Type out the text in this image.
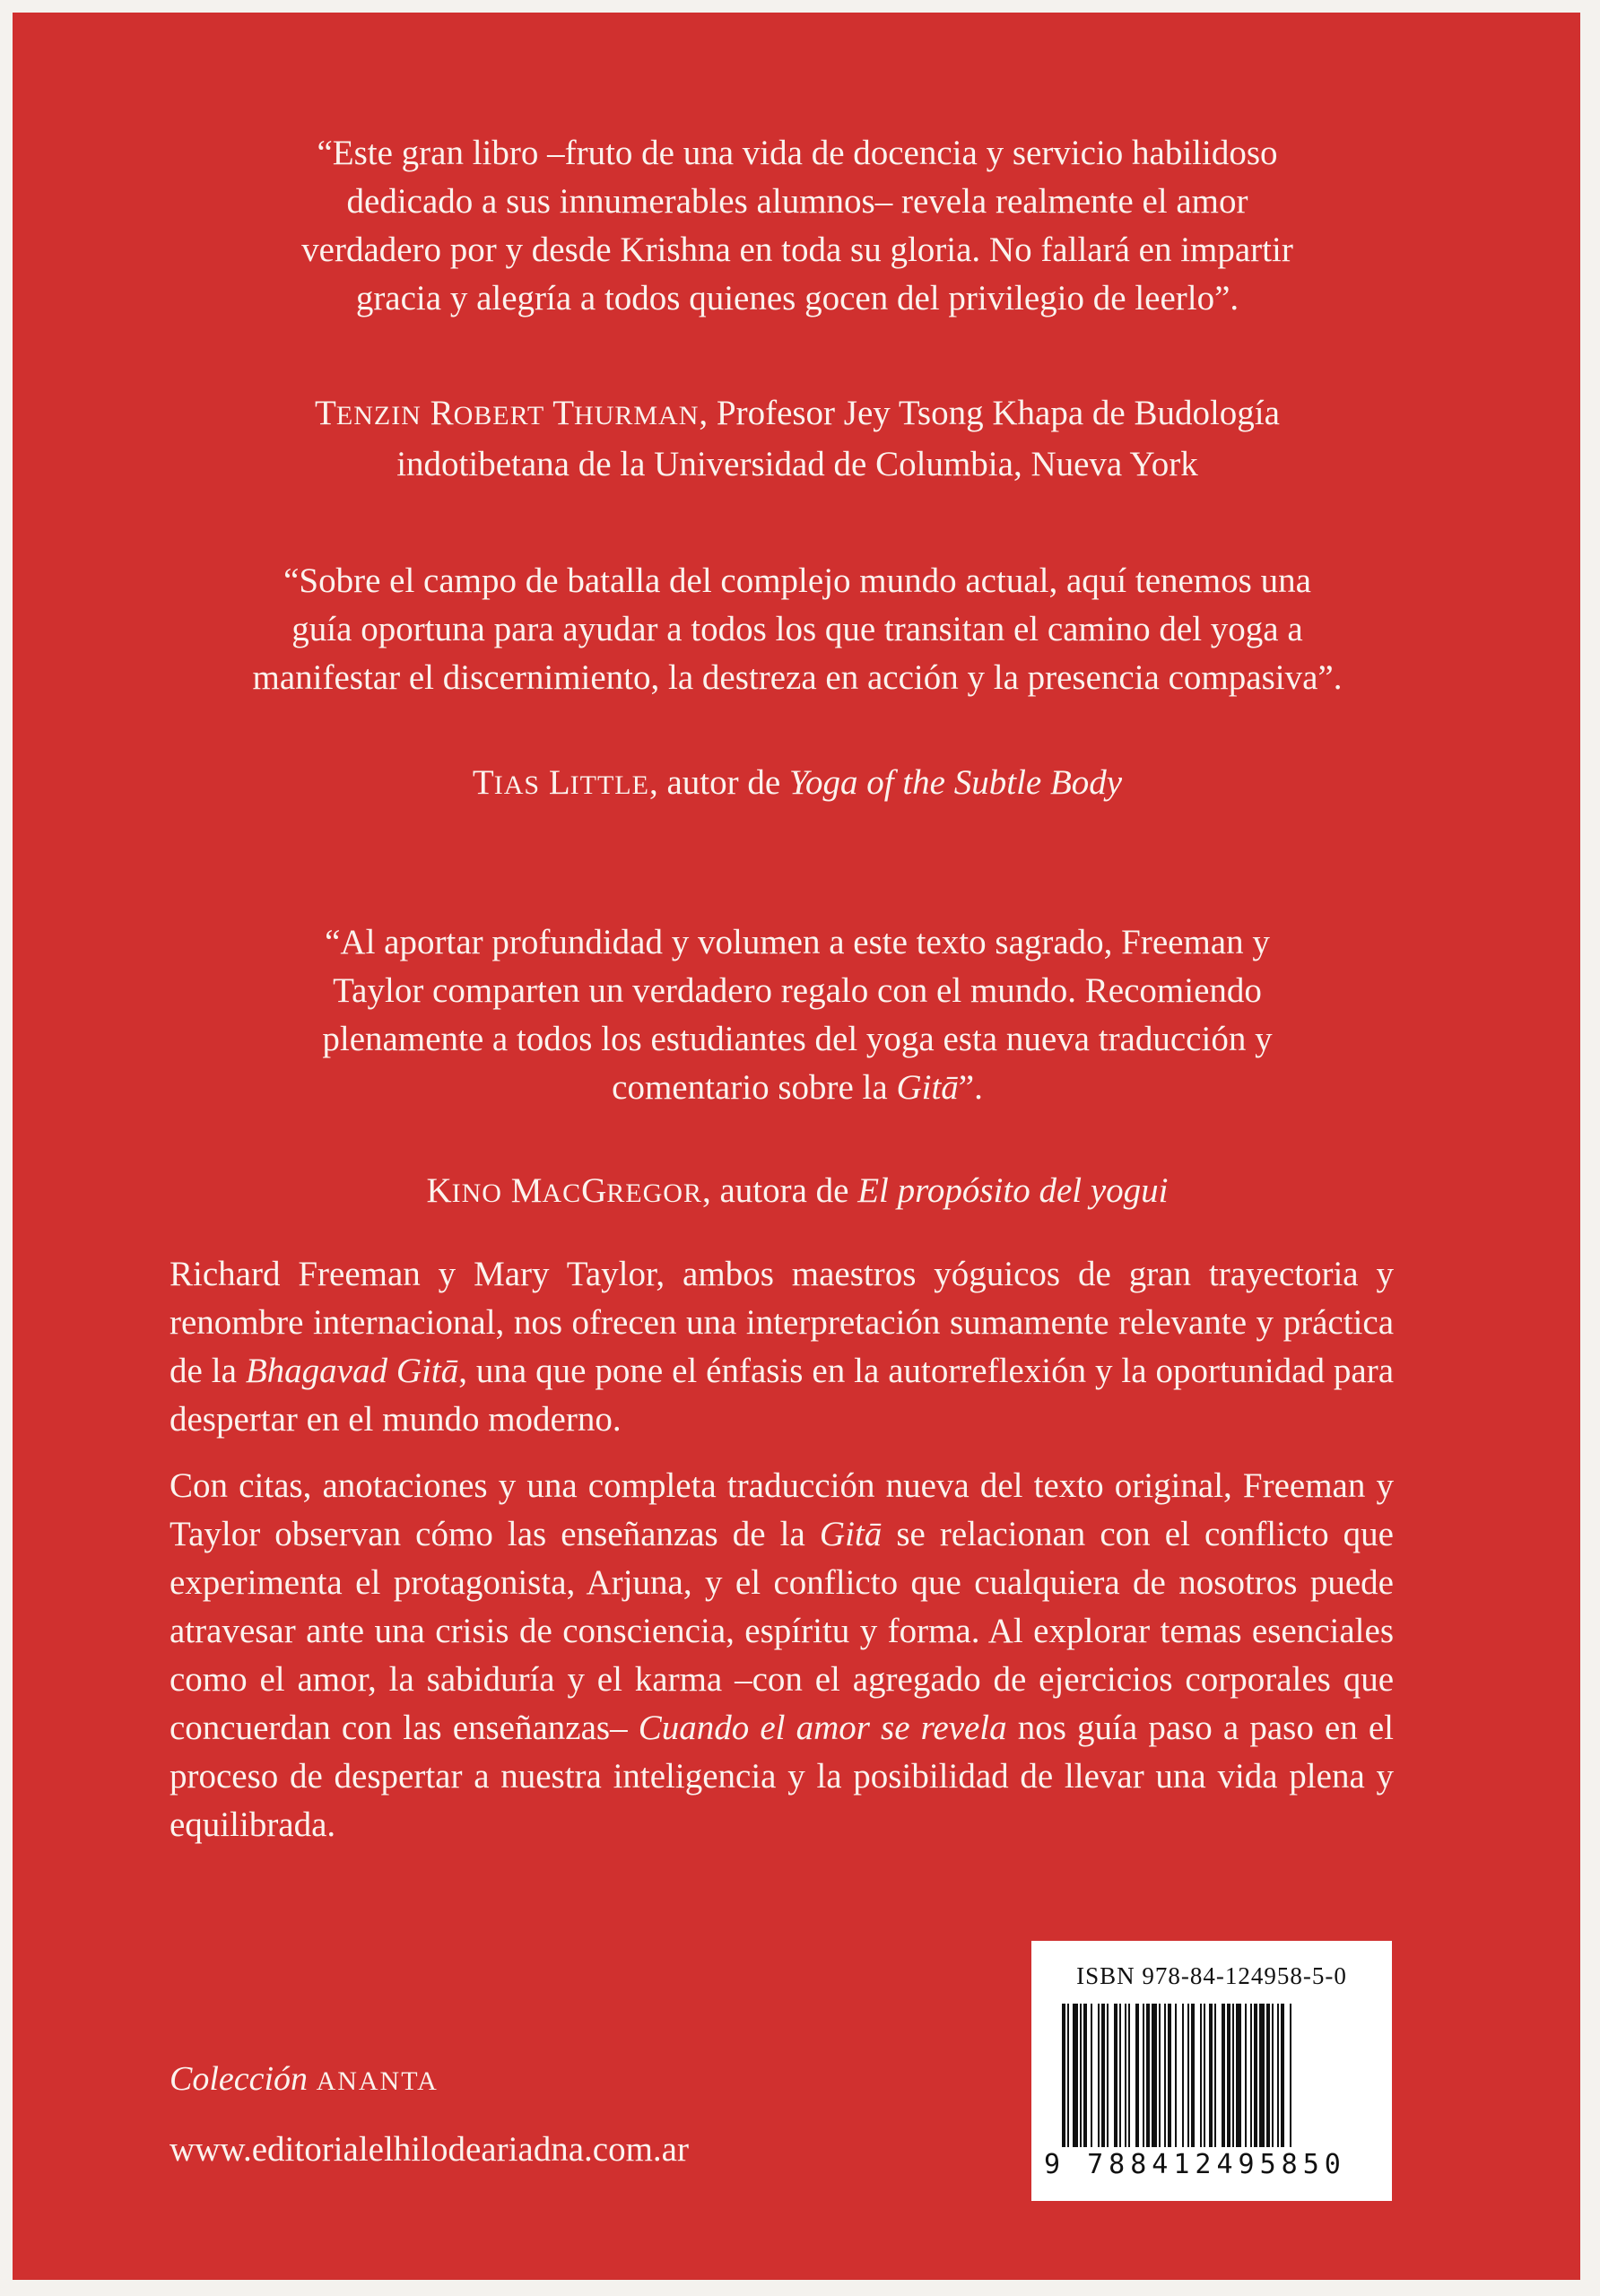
“Este gran libro –fruto de una vida de docencia y servicio habilidoso
dedicado a sus innumerables alumnos– revela realmente el amor
verdadero por y desde Krishna en toda su gloria. No fallará en impartir
gracia y alegría a todos quienes gocen del privilegio de leerlo”.
TENZIN ROBERT THURMAN, Profesor Jey Tsong Khapa de Budología
indotibetana de la Universidad de Columbia, Nueva York
“Sobre el campo de batalla del complejo mundo actual, aquí tenemos una
guía oportuna para ayudar a todos los que transitan el camino del yoga a
manifestar el discernimiento, la destreza en acción y la presencia compasiva”.
TIAS LITTLE, autor de Yoga of the Subtle Body
“Al aportar profundidad y volumen a este texto sagrado, Freeman y
Taylor comparten un verdadero regalo con el mundo. Recomiendo
plenamente a todos los estudiantes del yoga esta nueva traducción y
comentario sobre la Gitā”.
KINO MACGREGOR, autora de El propósito del yogui
Richard Freeman y Mary Taylor, ambos maestros yóguicos de gran trayectoria y renombre internacional, nos ofrecen una interpretación sumamente relevante y práctica de la Bhagavad Gitā, una que pone el énfasis en la autorreflexión y la oportunidad para despertar en el mundo moderno.
Con citas, anotaciones y una completa traducción nueva del texto original, Freeman y Taylor observan cómo las enseñanzas de la Gitā se relacionan con el conflicto que experimenta el protagonista, Arjuna, y el conflicto que cualquiera de nosotros puede atravesar ante una crisis de consciencia, espíritu y forma. Al explorar temas esenciales como el amor, la sabiduría y el karma –con el agregado de ejercicios corporales que concuerdan con las enseñanzas– Cuando el amor se revela nos guía paso a paso en el proceso de despertar a nuestra inteligencia y la posibilidad de llevar una vida plena y equilibrada.
Colección ANANTA
www.editorialelhilodeariadna.com.ar
ISBN 978-84-124958-5-0
9 788412495850
